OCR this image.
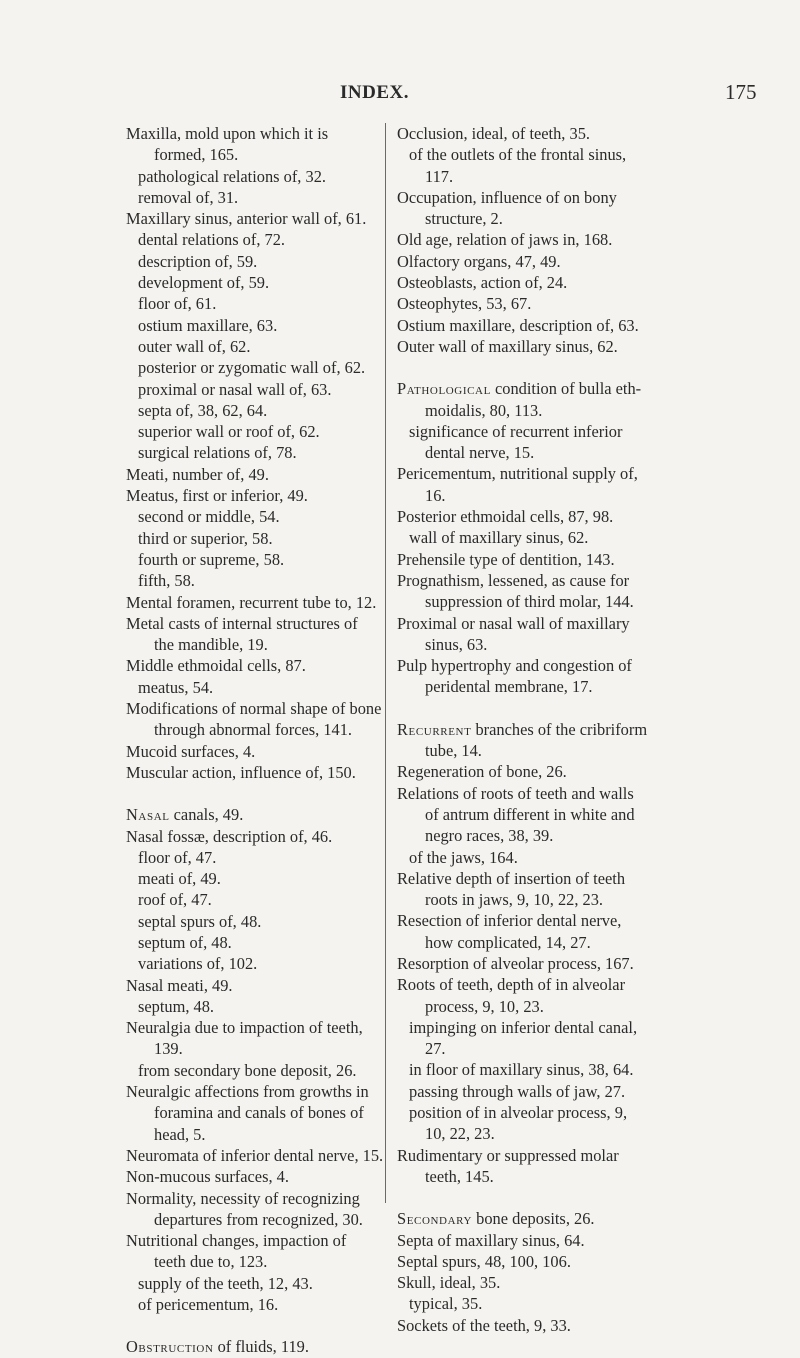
INDEX.	175
Maxilla, mold upon which it is
formed, 165.
pathological relations of, 32.
removal of, 31.
Maxillary sinus, anterior wall of, 61.
dental relations of, 72.
description of, 59.
development of, 59.
floor of, 61.
ostium maxillare, 63.
outer wall of, 62.
posterior or zygomatic wall of, 62.
proximal or nasal wall of, 63.
septa of, 38, 62, 64.
superior wall or roof of, 62.
surgical relations of, 78.
Meati, number of, 49.
Meatus, first or inferior, 49.
second or middle, 54.
third or superior, 58.
fourth or supreme, 58.
fifth, 58.
Mental foramen, recurrent tube to, 12.
Metal casts of internal structures of
the mandible, 19.
Middle ethmoidal cells, 87.
meatus, 54.
Modifications of normal shape of bone
through abnormal forces, 141.
Mucoid surfaces, 4.
Muscular action, influence of, 150.
Nasal canals, 49.
Nasal fossæ, description of, 46.
floor of, 47.
meati of, 49.
roof of, 47.
septal spurs of, 48.
septum of, 48.
variations of, 102.
Nasal meati, 49.
septum, 48.
Neuralgia due to impaction of teeth,
139.
from secondary bone deposit, 26.
Neuralgic affections from growths in
foramina and canals of bones of
head, 5.
Neuromata of inferior dental nerve, 15.
Non-mucous surfaces, 4.
Normality, necessity of recognizing
departures from recognized, 30.
Nutritional changes, impaction of
teeth due to, 123.
supply of the teeth, 12, 43.
of pericementum, 16.
Obstruction of fluids, 119.
Occlusion, ideal, of teeth, 35.
of the outlets of the frontal sinus,
117.
Occupation, influence of on bony
structure, 2.
Old age, relation of jaws in, 168.
Olfactory organs, 47, 49.
Osteoblasts, action of, 24.
Osteophytes, 53, 67.
Ostium maxillare, description of, 63.
Outer wall of maxillary sinus, 62.
Pathological condition of bulla eth-
moidalis, 80, 113.
significance of recurrent inferior
dental nerve, 15.
Pericementum, nutritional supply of,
16.
Posterior ethmoidal cells, 87, 98.
wall of maxillary sinus, 62.
Prehensile type of dentition, 143.
Prognathism, lessened, as cause for
suppression of third molar, 144.
Proximal or nasal wall of maxillary
sinus, 63.
Pulp hypertrophy and congestion of
peridental membrane, 17.
Recurrent branches of the cribriform
tube, 14.
Regeneration of bone, 26.
Relations of roots of teeth and walls
of antrum different in white and
negro races, 38, 39.
of the jaws, 164.
Relative depth of insertion of teeth
roots in jaws, 9, 10, 22, 23.
Resection of inferior dental nerve,
how complicated, 14, 27.
Resorption of alveolar process, 167.
Roots of teeth, depth of in alveolar
process, 9, 10, 23.
impinging on inferior dental canal,
27.
in floor of maxillary sinus, 38, 64.
passing through walls of jaw, 27.
position of in alveolar process, 9,
10, 22, 23.
Rudimentary or suppressed molar
teeth, 145.
Secondary bone deposits, 26.
Septa of maxillary sinus, 64.
Septal spurs, 48, 100, 106.
Skull, ideal, 35.
typical, 35.
Sockets of the teeth, 9, 33.
